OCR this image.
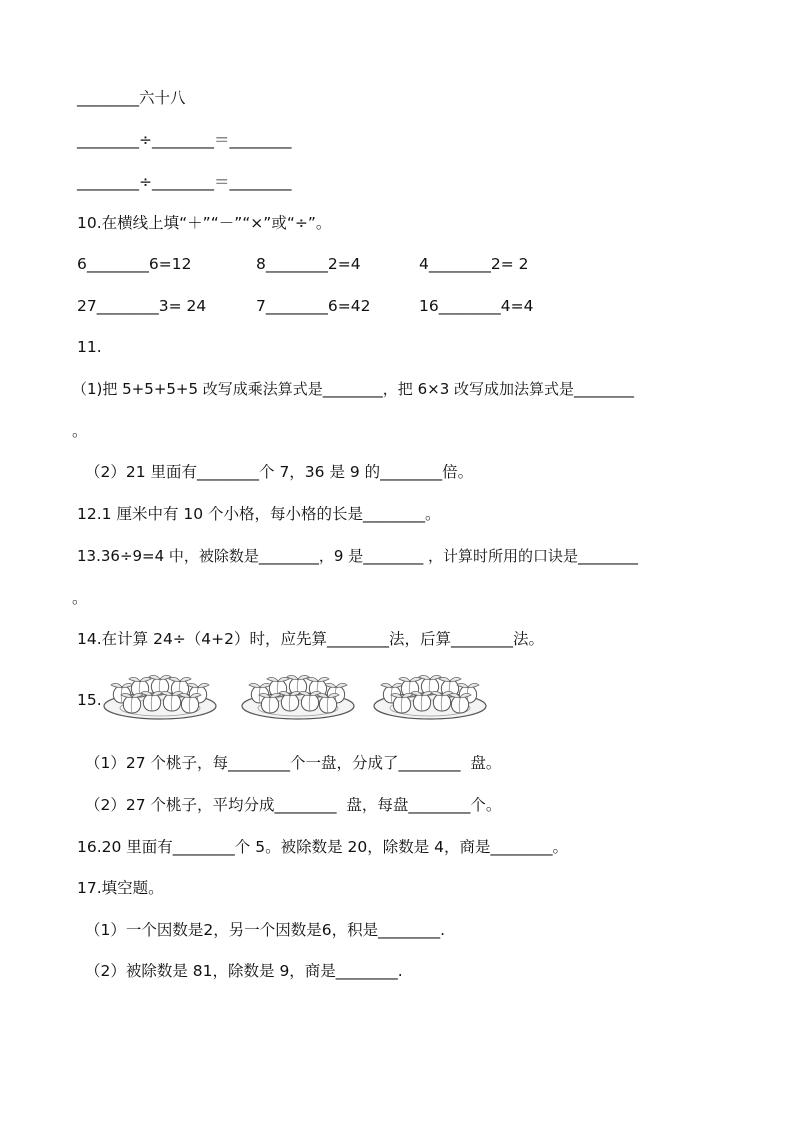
________六十八
________÷________＝________
________÷________＝________
10.在横线上填“＋”“－”“×”或“÷”。
6________6=12	8________2=4	4________2= 2
27________3= 24	7________6=42	16________4=4
11.
（1)把 5+5+5+5 改写成乘法算式是________，把 6×3 改写成加法算式是________
。
（2）21 里面有________个 7，36 是 9 的________倍。
12.1 厘米中有 10 个小格，每小格的长是________。
13.36÷9=4 中，被除数是________，9 是________ ，计算时所用的口诀是________
。
14.在计算 24÷（4+2）时，应先算________法，后算________法。
15.
（1）27 个桃子，每________个一盘，分成了________  盘。
（2）27 个桃子，平均分成________  盘，每盘________个。
16.20 里面有________个 5。被除数是 20，除数是 4，商是________。
17.填空题。
（1）一个因数是2，另一个因数是6，积是________.
（2）被除数是 81，除数是 9，商是________.
